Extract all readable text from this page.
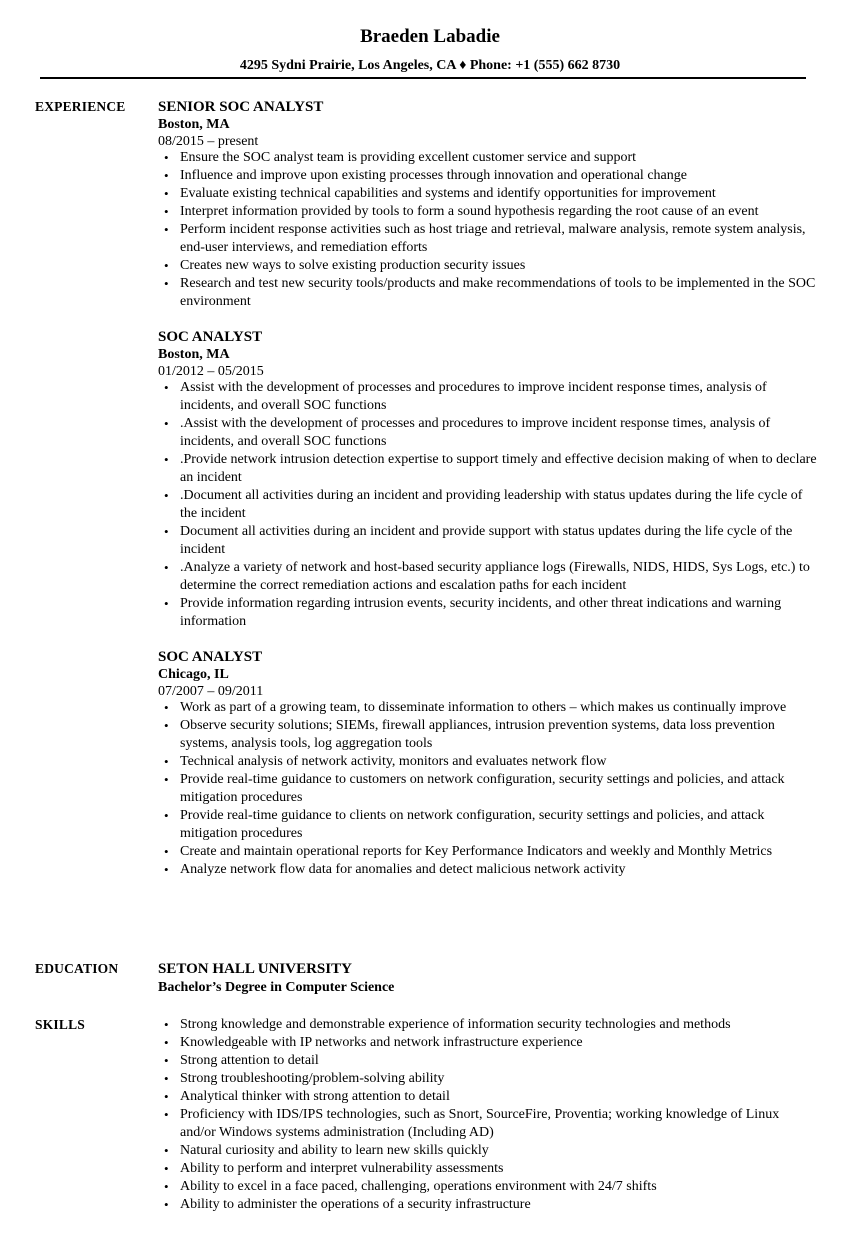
Braeden Labadie
4295 Sydni Prairie, Los Angeles, CA ♦ Phone: +1 (555) 662 8730
EXPERIENCE SENIOR SOC ANALYST
Boston, MA
08/2015 – present
• Ensure the SOC analyst team is providing excellent customer service and support
• Influence and improve upon existing processes through innovation and operational change
• Evaluate existing technical capabilities and systems and identify opportunities for improvement
• Interpret information provided by tools to form a sound hypothesis regarding the root cause of an event
• Perform incident response activities such as host triage and retrieval, malware analysis, remote system analysis, end-user interviews, and remediation efforts
• Creates new ways to solve existing production security issues
• Research and test new security tools/products and make recommendations of tools to be implemented in the SOC environment
SOC ANALYST
Boston, MA
01/2012 – 05/2015
• Assist with the development of processes and procedures to improve incident response times, analysis of incidents, and overall SOC functions
• .Assist with the development of processes and procedures to improve incident response times, analysis of incidents, and overall SOC functions
• .Provide network intrusion detection expertise to support timely and effective decision making of when to declare an incident
• .Document all activities during an incident and providing leadership with status updates during the life cycle of the incident
• Document all activities during an incident and provide support with status updates during the life cycle of the incident
• .Analyze a variety of network and host-based security appliance logs (Firewalls, NIDS, HIDS, Sys Logs, etc.) to determine the correct remediation actions and escalation paths for each incident
• Provide information regarding intrusion events, security incidents, and other threat indications and warning information
SOC ANALYST
Chicago, IL
07/2007 – 09/2011
• Work as part of a growing team, to disseminate information to others – which makes us continually improve
• Observe security solutions; SIEMs, firewall appliances, intrusion prevention systems, data loss prevention systems, analysis tools, log aggregation tools
• Technical analysis of network activity, monitors and evaluates network flow
• Provide real-time guidance to customers on network configuration, security settings and policies, and attack mitigation procedures
• Provide real-time guidance to clients on network configuration, security settings and policies, and attack mitigation procedures
• Create and maintain operational reports for Key Performance Indicators and weekly and Monthly Metrics
• Analyze network flow data for anomalies and detect malicious network activity
EDUCATION	SETON HALL UNIVERSITY
Bachelor’s Degree in Computer Science
SKILLS
•	Strong knowledge and demonstrable experience of information security technologies and methods
• Knowledgeable with IP networks and network infrastructure experience
• Strong attention to detail
• Strong troubleshooting/problem-solving ability
• Analytical thinker with strong attention to detail
• Proficiency with IDS/IPS technologies, such as Snort, SourceFire, Proventia; working knowledge of Linux and/or Windows systems administration (Including AD)
• Natural curiosity and ability to learn new skills quickly
• Ability to perform and interpret vulnerability assessments
• Ability to excel in a face paced, challenging, operations environment with 24/7 shifts
• Ability to administer the operations of a security infrastructure
